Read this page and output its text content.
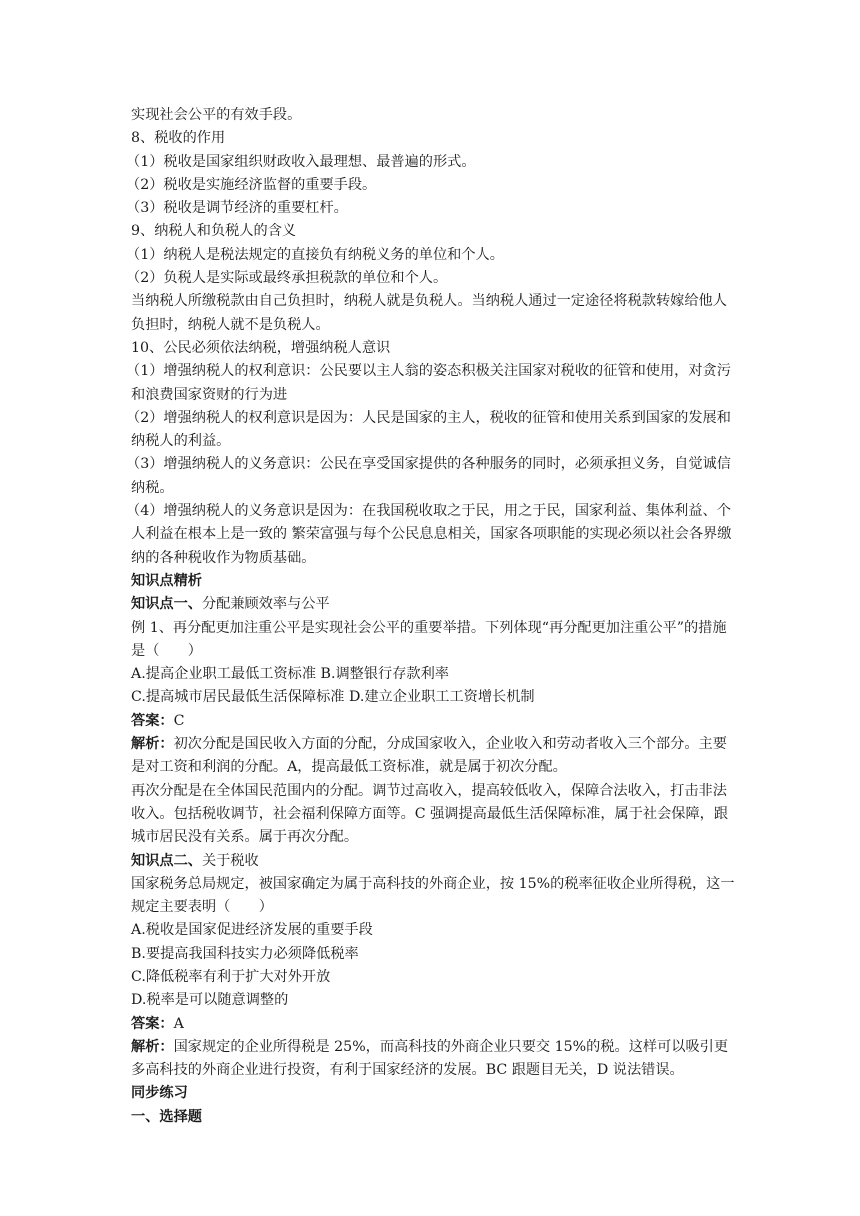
实现社会公平的有效手段。

8、税收的作用

（1）税收是国家组织财政收入最理想、最普遍的形式。

（2）税收是实施经济监督的重要手段。

（3）税收是调节经济的重要杠杆。

9、纳税人和负税人的含义

（1）纳税人是税法规定的直接负有纳税义务的单位和个人。

（2）负税人是实际或最终承担税款的单位和个人。

当纳税人所缴税款由自己负担时，纳税人就是负税人。当纳税人通过一定途径将税款转嫁给他人负担时，纳税人就不是负税人。

10、公民必须依法纳税，增强纳税人意识

（1）增强纳税人的权利意识：公民要以主人翁的姿态积极关注国家对税收的征管和使用，对贪污和浪费国家资财的行为进

（2）增强纳税人的权利意识是因为：人民是国家的主人，税收的征管和使用关系到国家的发展和纳税人的利益。

（3）增强纳税人的义务意识：公民在享受国家提供的各种服务的同时，必须承担义务，自觉诚信纳税。

（4）增强纳税人的义务意识是因为：在我国税收取之于民，用之于民，国家利益、集体利益、个人利益在根本上是一致的 繁荣富强与每个公民息息相关，国家各项职能的实现必须以社会各界缴纳的各种税收作为物质基础。

知识点精析

知识点一、分配兼顾效率与公平

例 1、再分配更加注重公平是实现社会公平的重要举措。下列体现“再分配更加注重公平”的措施是（　　）

A.提高企业职工最低工资标准 B.调整银行存款利率

C.提高城市居民最低生活保障标准 D.建立企业职工工资增长机制

答案：C

解析：初次分配是国民收入方面的分配，分成国家收入，企业收入和劳动者收入三个部分。主要是对工资和利润的分配。A，提高最低工资标准，就是属于初次分配。

再次分配是在全体国民范围内的分配。调节过高收入，提高较低收入，保障合法收入，打击非法收入。包括税收调节，社会福利保障方面等。C 强调提高最低生活保障标准，属于社会保障，跟城市居民没有关系。属于再次分配。

知识点二、关于税收

国家税务总局规定，被国家确定为属于高科技的外商企业，按 15%的税率征收企业所得税，这一规定主要表明（　　）

A.税收是国家促进经济发展的重要手段

B.要提高我国科技实力必须降低税率

C.降低税率有利于扩大对外开放

D.税率是可以随意调整的

答案：A

解析：国家规定的企业所得税是 25%，而高科技的外商企业只要交 15%的税。这样可以吸引更多高科技的外商企业进行投资，有利于国家经济的发展。BC 跟题目无关，D 说法错误。

同步练习

一、选择题
